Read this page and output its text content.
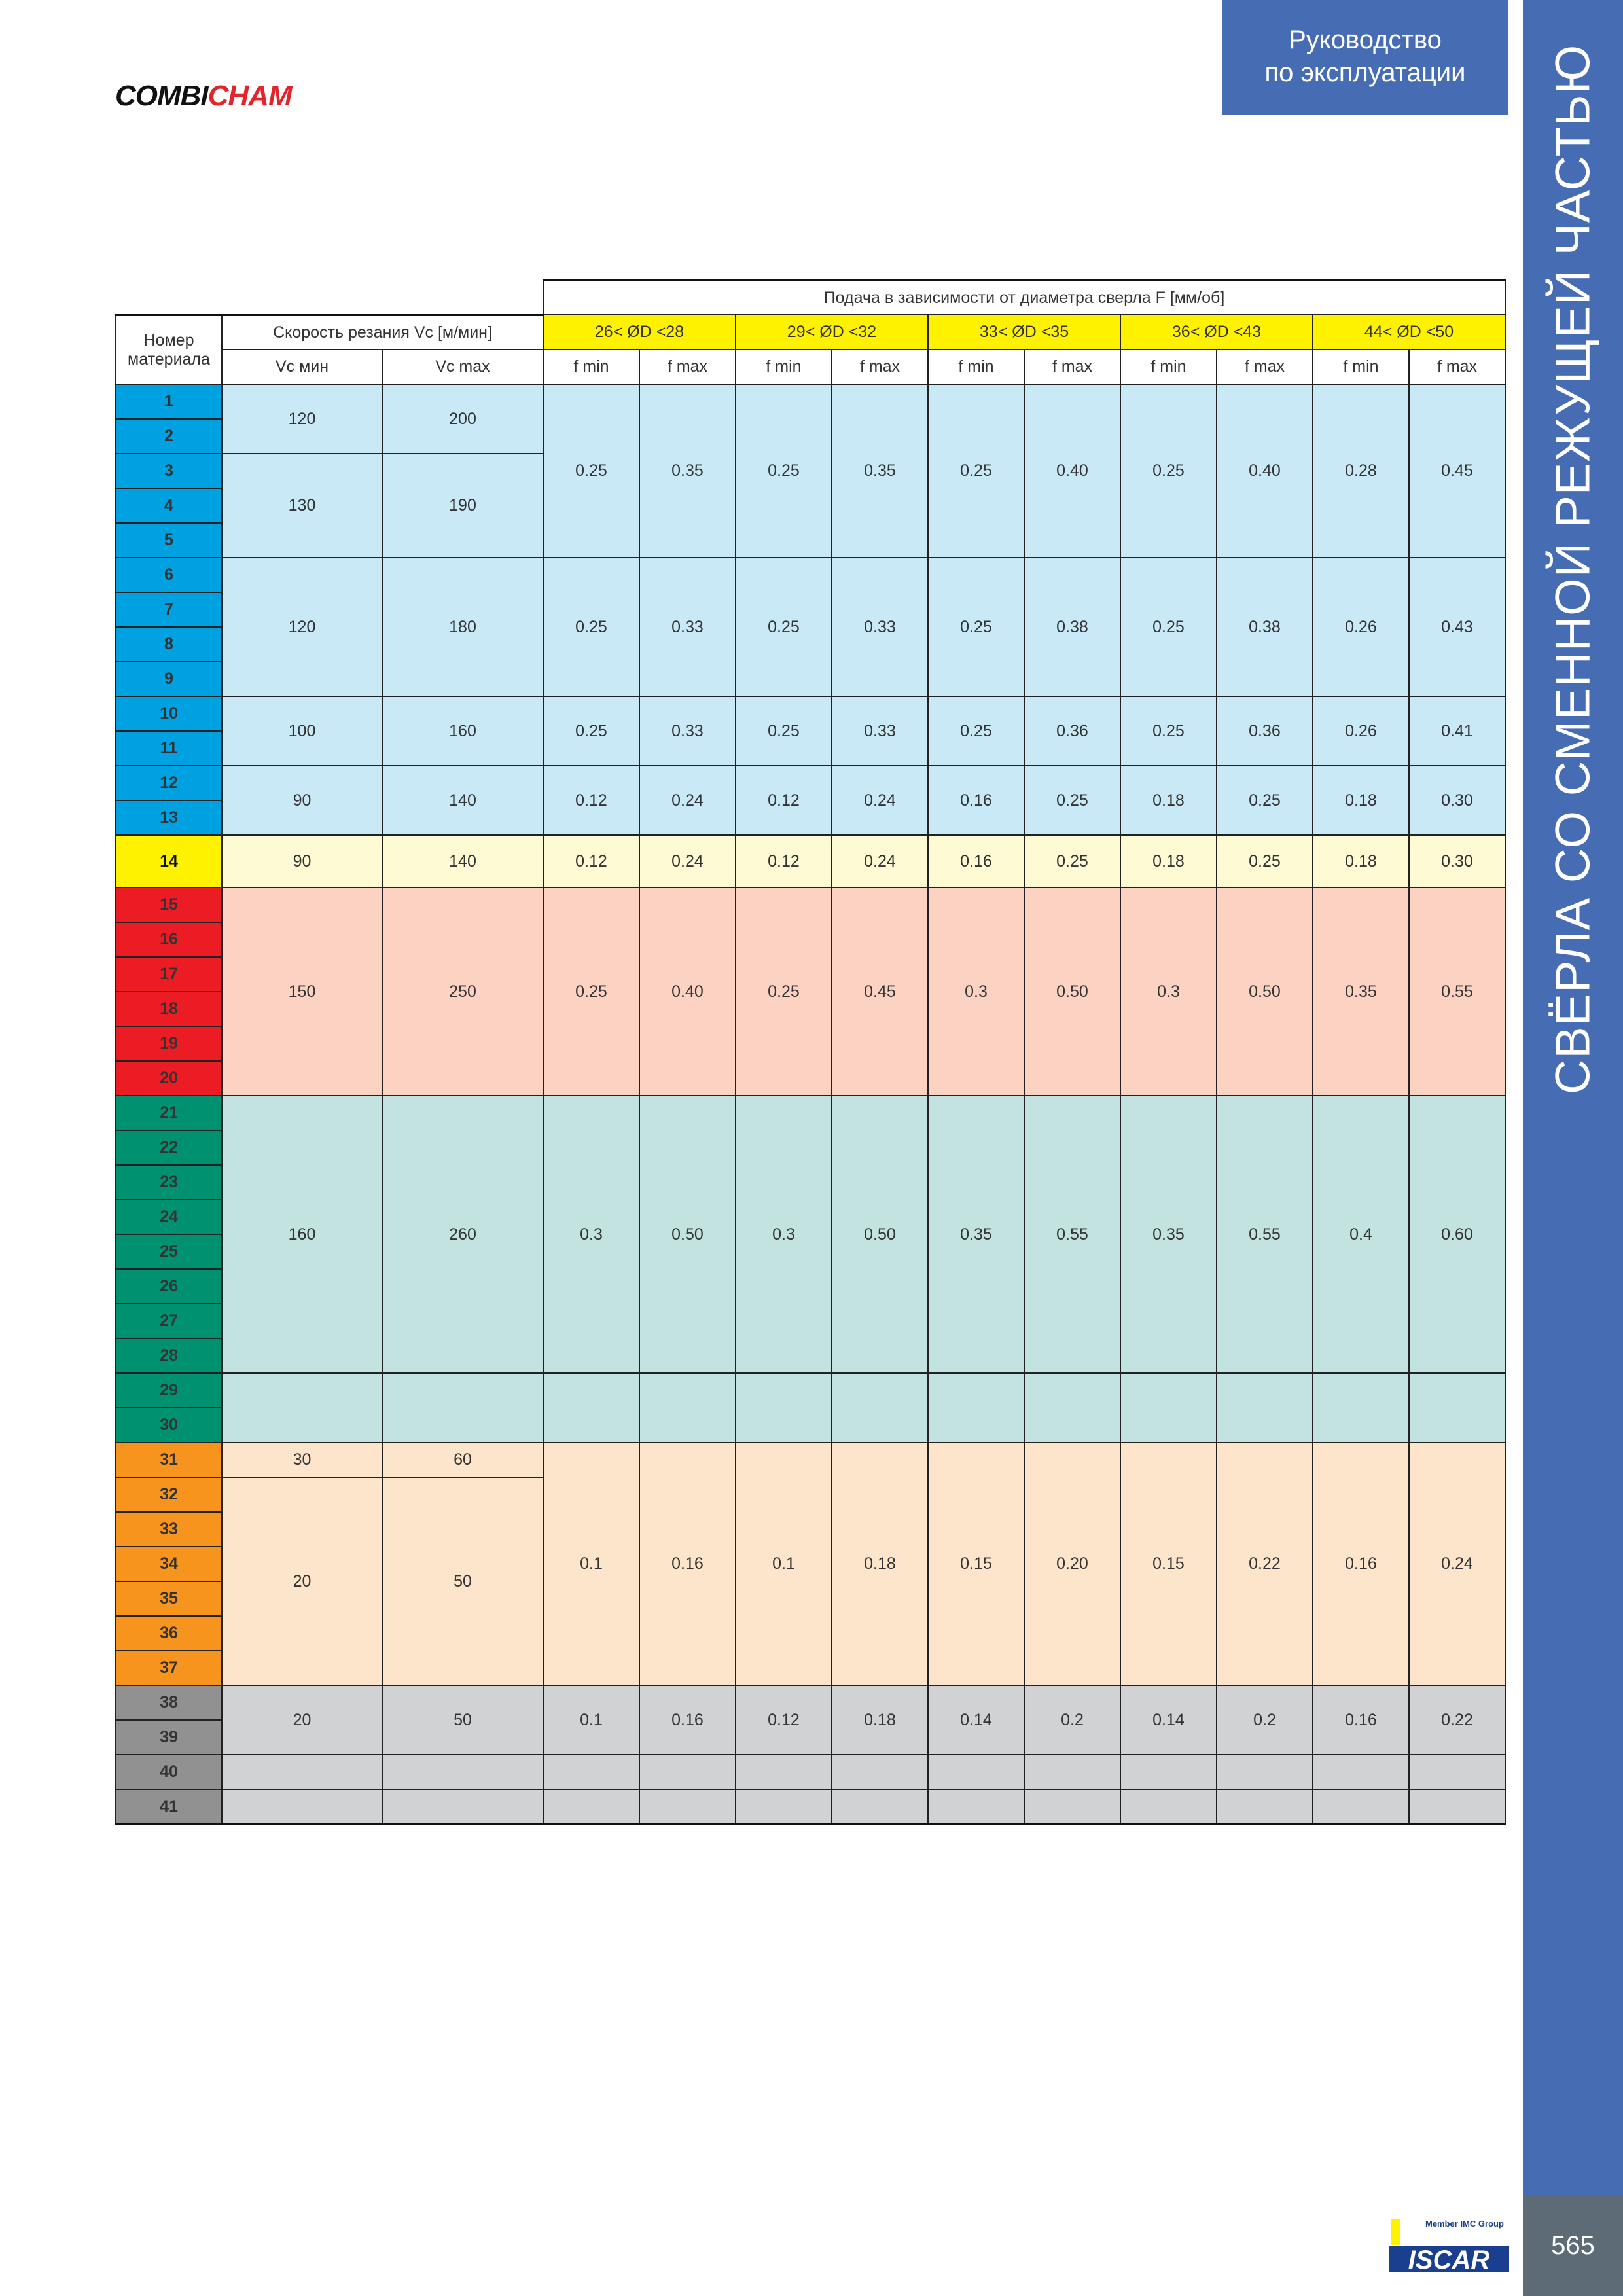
СВЁРЛА СО СМЕННОЙ РЕЖУЩЕЙ ЧАСТЬЮ
565
Руководство
по эксплуатации
COMBICHAM
Member IMC Group
ISCAR
			Подача в зависимости от диаметра сверла F [мм/об]									
Номер материала	Скорость резания Vc [м/мин]		26< ØD <28		29< ØD <32		33< ØD <35		36< ØD <43		44< ØD <50	
	Vc мин	Vc max	f min	f max	f min	f max	f min	f max	f min	f max	f min	f max
1	120	200	0.25	0.35	0.25	0.35	0.25	0.40	0.25	0.40	0.28	0.45
2												
3	130	190										
4												
5												
6	120	180	0.25	0.33	0.25	0.33	0.25	0.38	0.25	0.38	0.26	0.43
7												
8												
9												
10	100	160	0.25	0.33	0.25	0.33	0.25	0.36	0.25	0.36	0.26	0.41
11												
12	90	140	0.12	0.24	0.12	0.24	0.16	0.25	0.18	0.25	0.18	0.30
13												
14	90	140	0.12	0.24	0.12	0.24	0.16	0.25	0.18	0.25	0.18	0.30
15	150	250	0.25	0.40	0.25	0.45	0.3	0.50	0.3	0.50	0.35	0.55
16												
17												
18												
19												
20												
21	160	260	0.3	0.50	0.3	0.50	0.35	0.55	0.35	0.55	0.4	0.60
22												
23												
24												
25												
26												
27												
28												
29												
30												
31	30	60	0.1	0.16	0.1	0.18	0.15	0.20	0.15	0.22	0.16	0.24
32	20	50										
33												
34												
35												
36												
37												
38	20	50	0.1	0.16	0.12	0.18	0.14	0.2	0.14	0.2	0.16	0.22
39												
40												
41												
